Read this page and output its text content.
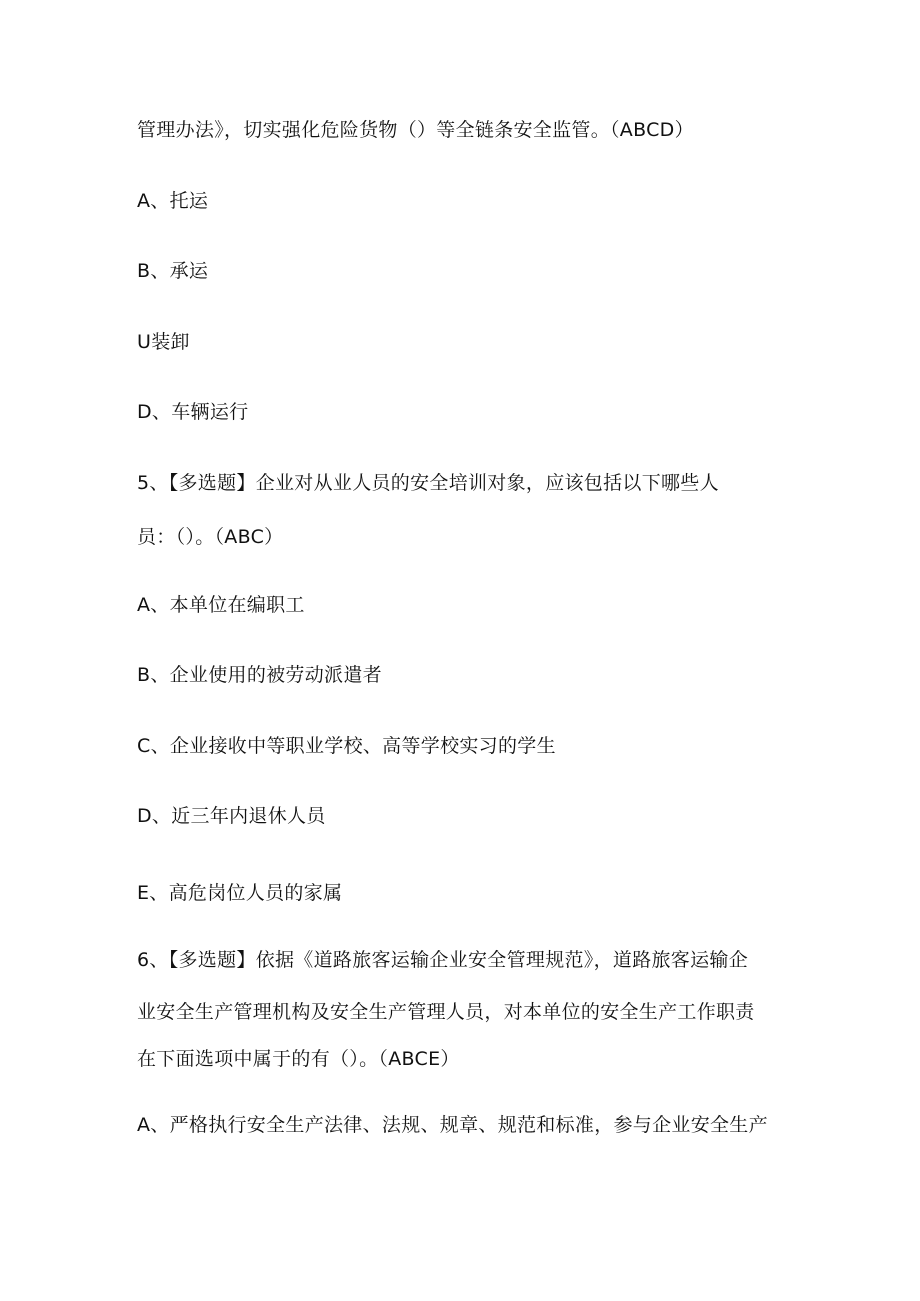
管理办法》，切实强化危险货物（）等全链条安全监管。（ABCD）
A、托运
B、承运
U装卸
D、车辆运行
5、【多选题】企业对从业人员的安全培训对象，应该包括以下哪些人
员：（）。（ABC）
A、本单位在编职工
B、企业使用的被劳动派遣者
C、企业接收中等职业学校、高等学校实习的学生
D、近三年内退休人员
E、高危岗位人员的家属
6、【多选题】依据《道路旅客运输企业安全管理规范》，道路旅客运输企
业安全生产管理机构及安全生产管理人员，对本单位的安全生产工作职责
在下面选项中属于的有（）。（ABCE）
A、严格执行安全生产法律、法规、规章、规范和标准，参与企业安全生产
